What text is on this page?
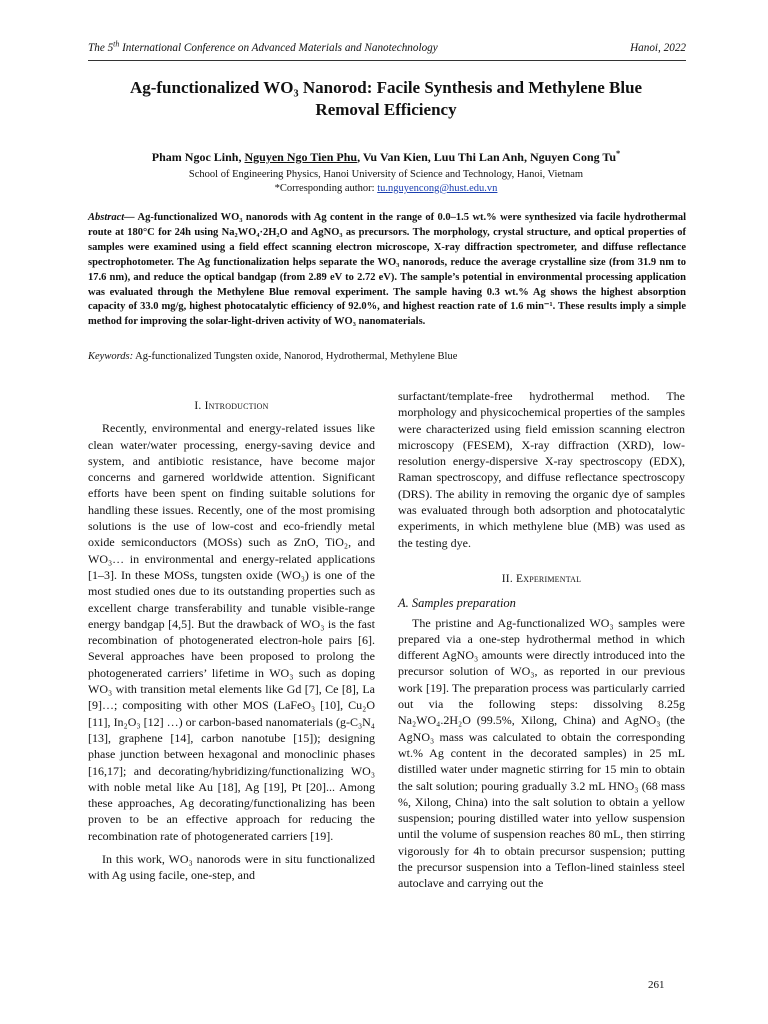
The 5th International Conference on Advanced Materials and Nanotechnology	Hanoi, 2022
Ag-functionalized WO₃ Nanorod: Facile Synthesis and Methylene Blue
Removal Efficiency
Pham Ngoc Linh, Nguyen Ngo Tien Phu, Vu Van Kien, Luu Thi Lan Anh, Nguyen Cong Tu*
School of Engineering Physics, Hanoi University of Science and Technology, Hanoi, Vietnam
*Corresponding author: tu.nguyencong@hust.edu.vn
Abstract— Ag-functionalized WO₃ nanorods with Ag content in the range of 0.0–1.5 wt.% were synthesized via facile hydrothermal route at 180°C for 24h using Na₂WO₄·2H₂O and AgNO₃ as precursors. The morphology, crystal structure, and optical properties of samples were examined using a field effect scanning electron microscope, X-ray diffraction spectrometer, and diffuse reflectance spectrophotometer. The Ag functionalization helps separate the WO₃ nanorods, reduce the average crystalline size (from 31.9 nm to 17.6 nm), and reduce the optical bandgap (from 2.89 eV to 2.72 eV). The sample’s potential in environmental processing application was evaluated through the Methylene Blue removal experiment. The sample having 0.3 wt.% Ag shows the highest absorption capacity of 33.0 mg/g, highest photocatalytic efficiency of 92.0%, and highest reaction rate of 1.6 min⁻¹. These results imply a simple method for improving the solar-light-driven activity of WO₃ nanomaterials.
Keywords: Ag-functionalized Tungsten oxide, Nanorod, Hydrothermal, Methylene Blue
I. Introduction

Recently, environmental and energy-related issues like clean water/water processing, energy-saving device and system, and antibiotic resistance, have become major concerns and garnered worldwide attention. Significant efforts have been spent on finding suitable solutions for handling these issues. Recently, one of the most promising solutions is the use of low-cost and eco-friendly metal oxide semiconductors (MOSs) such as ZnO, TiO₂, and WO₃… in environmental and energy-related applications [1–3]. In these MOSs, tungsten oxide (WO₃) is one of the most studied ones due to its outstanding properties such as excellent charge transferability and tunable visible-range energy bandgap [4,5]. But the drawback of WO₃ is the fast recombination of photogenerated electron-hole pairs [6]. Several approaches have been proposed to prolong the photogenerated carriers’ lifetime in WO₃ such as doping WO₃ with transition metal elements like Gd [7], Ce [8], La [9]…; compositing with other MOS (LaFeO₃ [10], Cu₂O [11], In₂O₃ [12] …) or carbon-based nanomaterials (g-C₃N₄ [13], graphene [14], carbon nanotube [15]); designing phase junction between hexagonal and monoclinic phases [16,17]; and decorating/hybridizing/functionalizing WO₃ with noble metal like Au [18], Ag [19], Pt [20]... Among these approaches, Ag decorating/functionalizing has been proven to be an effective approach for reducing the recombination rate of photogenerated carriers [19].

In this work, WO₃ nanorods were in situ functionalized with Ag using facile, one-step, and

surfactant/template-free hydrothermal method. The morphology and physicochemical properties of the samples were characterized using field emission scanning electron microscopy (FESEM), X-ray diffraction (XRD), low-resolution energy-dispersive X-ray spectroscopy (EDX), Raman spectroscopy, and diffuse reflectance spectroscopy (DRS). The ability in removing the organic dye of samples was evaluated through both adsorption and photocatalytic experiments, in which methylene blue (MB) was used as the testing dye.

II. Experimental
A. Samples preparation

The pristine and Ag-functionalized WO₃ samples were prepared via a one-step hydrothermal method in which different AgNO₃ amounts were directly introduced into the precursor solution of WO₃, as reported in our previous work [19]. The preparation process was particularly carried out via the following steps: dissolving 8.25g Na₂WO₄.2H₂O (99.5%, Xilong, China) and AgNO₃ (the AgNO₃ mass was calculated to obtain the corresponding wt.% Ag content in the decorated samples) in 25 mL distilled water under magnetic stirring for 15 min to obtain the salt solution; pouring gradually 3.2 mL HNO₃ (68 mass %, Xilong, China) into the salt solution to obtain a yellow suspension; pouring distilled water into yellow suspension until the volume of suspension reaches 80 mL, then stirring vigorously for 4h to obtain precursor suspension; putting the precursor suspension into a Teflon-lined stainless steel autoclave and carrying out the

261
